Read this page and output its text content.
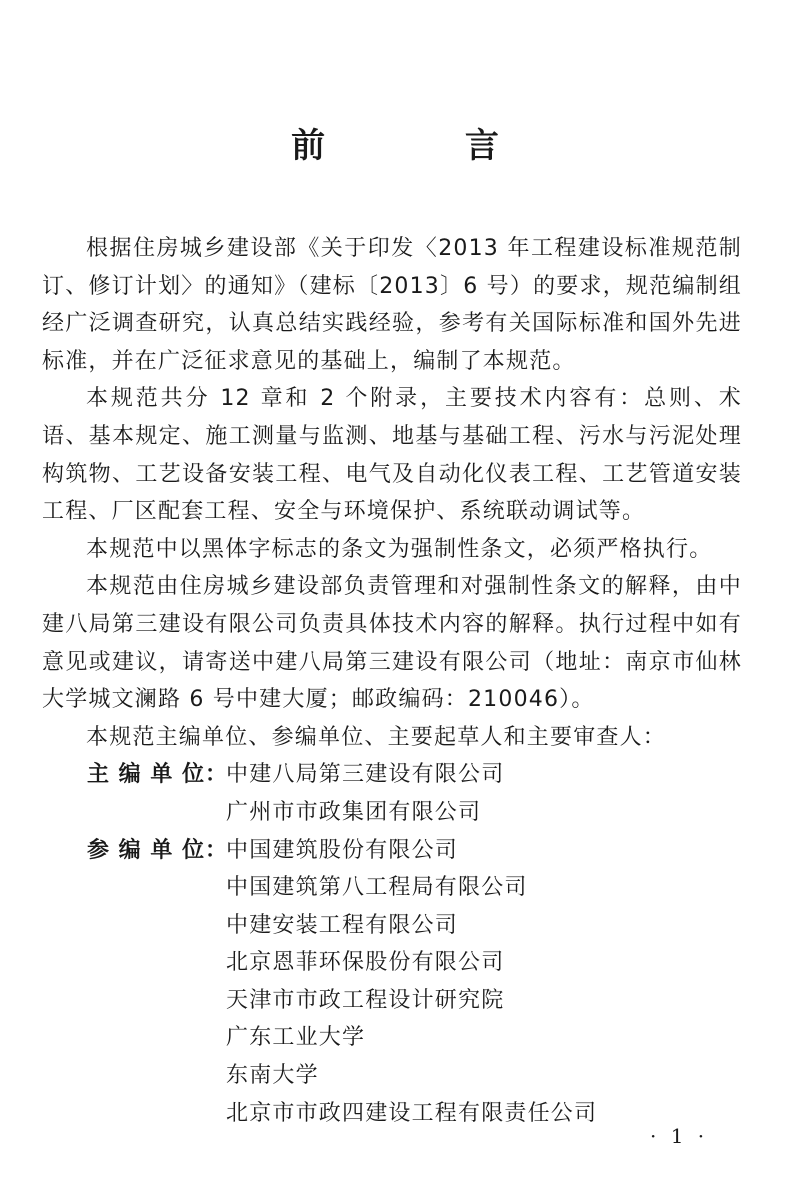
前 言

根据住房城乡建设部《关于印发〈2013 年工程建设标准规范制订、修订计划〉的通知》（建标〔2013〕6 号）的要求，规范编制组经广泛调查研究，认真总结实践经验，参考有关国际标准和国外先进标准，并在广泛征求意见的基础上，编制了本规范。

本规范共分 12 章和 2 个附录，主要技术内容有：总则、术语、基本规定、施工测量与监测、地基与基础工程、污水与污泥处理构筑物、工艺设备安装工程、电气及自动化仪表工程、工艺管道安装工程、厂区配套工程、安全与环境保护、系统联动调试等。

本规范中以黑体字标志的条文为强制性条文，必须严格执行。

本规范由住房城乡建设部负责管理和对强制性条文的解释，由中建八局第三建设有限公司负责具体技术内容的解释。执行过程中如有意见或建议，请寄送中建八局第三建设有限公司（地址：南京市仙林大学城文澜路 6 号中建大厦；邮政编码：210046）。

本规范主编单位、参编单位、主要起草人和主要审查人：

主 编 单 位：
中建八局第三建设有限公司
广州市市政集团有限公司
参 编 单 位：
中国建筑股份有限公司
中国建筑第八工程局有限公司
中建安装工程有限公司
北京恩菲环保股份有限公司
天津市市政工程设计研究院
广东工业大学
东南大学
北京市市政四建设工程有限责任公司
· 1 ·
